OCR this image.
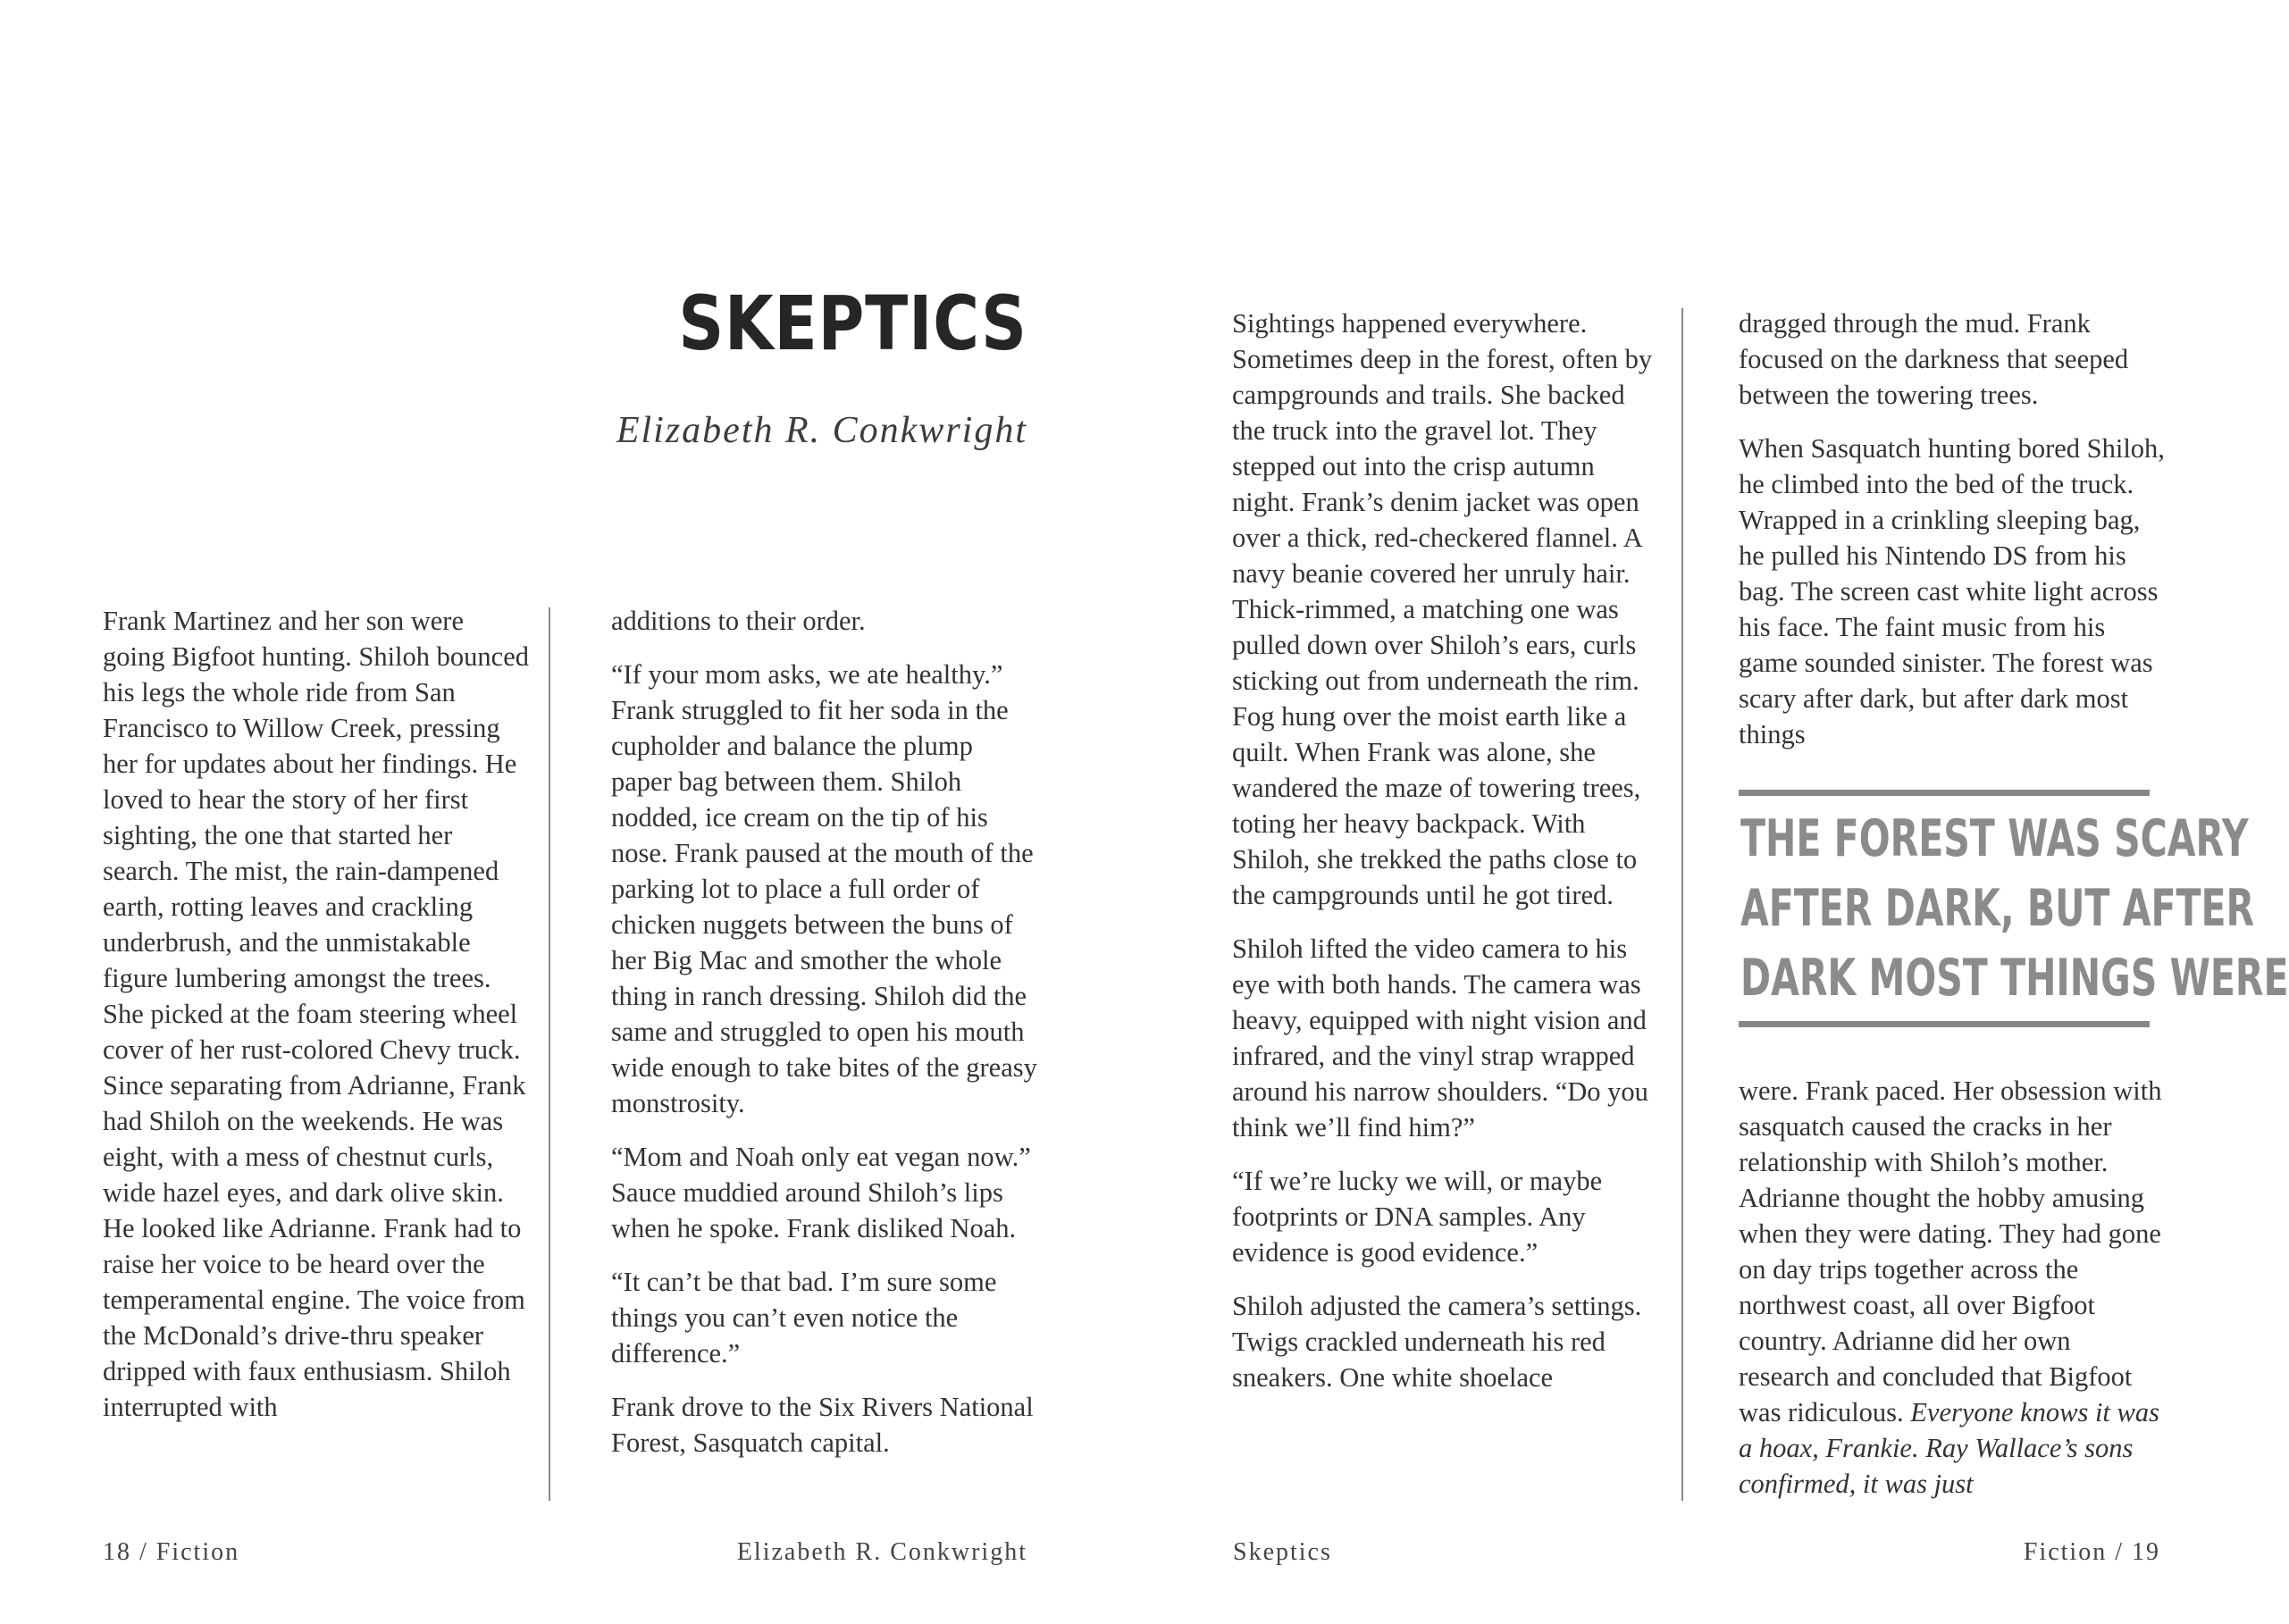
SKEPTICS
Elizabeth R. Conkwright

Frank Martinez and her son were going Bigfoot hunting. Shiloh bounced his legs the whole ride from San Francisco to Willow Creek, pressing her for updates about her findings. He loved to hear the story of her first sighting, the one that started her search. The mist, the rain-dampened earth, rotting leaves and crackling underbrush, and the unmistakable figure lumbering amongst the trees. She picked at the foam steering wheel cover of her rust-colored Chevy truck. Since separating from Adrianne, Frank had Shiloh on the weekends. He was eight, with a mess of chestnut curls, wide hazel eyes, and dark olive skin. He looked like Adrianne. Frank had to raise her voice to be heard over the temperamental engine. The voice from the McDonald’s drive-thru speaker dripped with faux enthusiasm. Shiloh interrupted with

additions to their order.

“If your mom asks, we ate healthy.” Frank struggled to fit her soda in the cupholder and balance the plump paper bag between them. Shiloh nodded, ice cream on the tip of his nose. Frank paused at the mouth of the parking lot to place a full order of chicken nuggets between the buns of her Big Mac and smother the whole thing in ranch dressing. Shiloh did the same and struggled to open his mouth wide enough to take bites of the greasy monstrosity.

“Mom and Noah only eat vegan now.” Sauce muddied around Shiloh’s lips when he spoke. Frank disliked Noah.

“It can’t be that bad. I’m sure some things you can’t even notice the difference.”

Frank drove to the Six Rivers National Forest, Sasquatch capital.

Sightings happened everywhere. Sometimes deep in the forest, often by campgrounds and trails. She backed the truck into the gravel lot. They stepped out into the crisp autumn night. Frank’s denim jacket was open over a thick, red-checkered flannel. A navy beanie covered her unruly hair. Thick-rimmed, a matching one was pulled down over Shiloh’s ears, curls sticking out from underneath the rim. Fog hung over the moist earth like a quilt. When Frank was alone, she wandered the maze of towering trees, toting her heavy backpack. With Shiloh, she trekked the paths close to the campgrounds until he got tired.

Shiloh lifted the video camera to his eye with both hands. The camera was heavy, equipped with night vision and infrared, and the vinyl strap wrapped around his narrow shoulders. “Do you think we’ll find him?”

“If we’re lucky we will, or maybe footprints or DNA samples. Any evidence is good evidence.”

Shiloh adjusted the camera’s settings. Twigs crackled underneath his red sneakers. One white shoelace

dragged through the mud. Frank focused on the darkness that seeped between the towering trees.

When Sasquatch hunting bored Shiloh, he climbed into the bed of the truck. Wrapped in a crinkling sleeping bag, he pulled his Nintendo DS from his bag. The screen cast white light across his face. The faint music from his game sounded sinister. The forest was scary after dark, but after dark most things

THE FOREST WAS SCARY
AFTER DARK, BUT AFTER
DARK MOST THINGS WERE

were. Frank paced. Her obsession with sasquatch caused the cracks in her relationship with Shiloh’s mother. Adrianne thought the hobby amusing when they were dating. They had gone on day trips together across the northwest coast, all over Bigfoot country. Adrianne did her own research and concluded that Bigfoot was ridiculous. Everyone knows it was a hoax, Frankie. Ray Wallace’s sons confirmed, it was just

18 / Fiction	Elizabeth R. Conkwright	Skeptics	Fiction / 19
